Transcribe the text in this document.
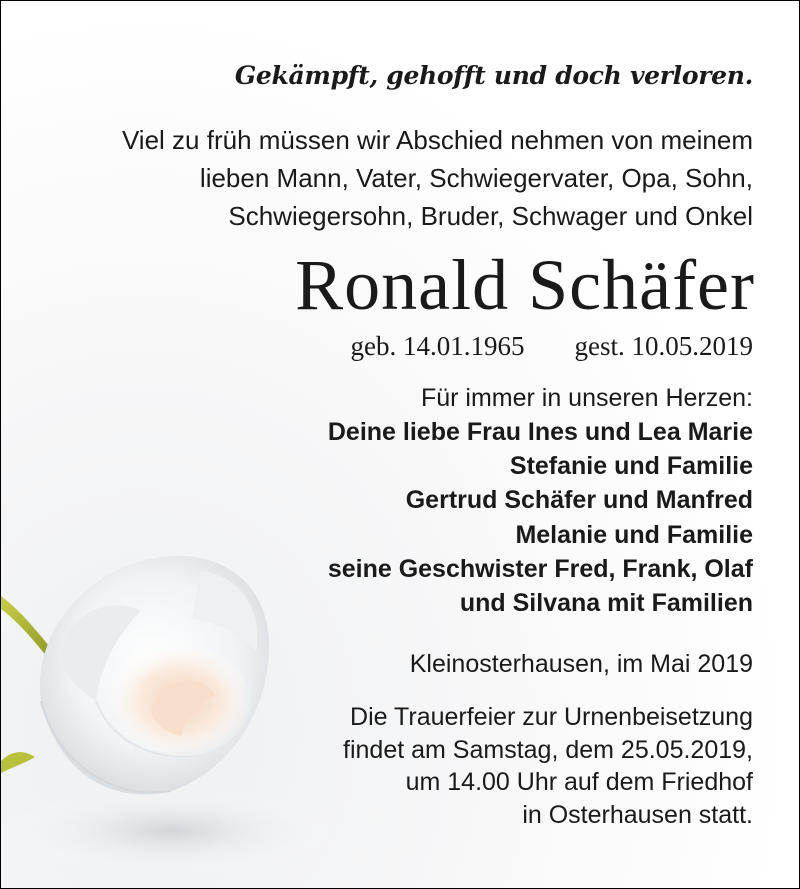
Gekämpft, gehofft und doch verloren.
Viel zu früh müssen wir Abschied nehmen von meinem
lieben Mann, Vater, Schwiegervater, Opa, Sohn,
Schwiegersohn, Bruder, Schwager und Onkel
Ronald Schäfer
geb. 14.01.1965 gest. 10.05.2019
Für immer in unseren Herzen:
Deine liebe Frau Ines und Lea Marie
Stefanie und Familie
Gertrud Schäfer und Manfred
Melanie und Familie
seine Geschwister Fred, Frank, Olaf
und Silvana mit Familien
Kleinosterhausen, im Mai 2019
Die Trauerfeier zur Urnenbeisetzung
findet am Samstag, dem 25.05.2019,
um 14.00 Uhr auf dem Friedhof
in Osterhausen statt.
